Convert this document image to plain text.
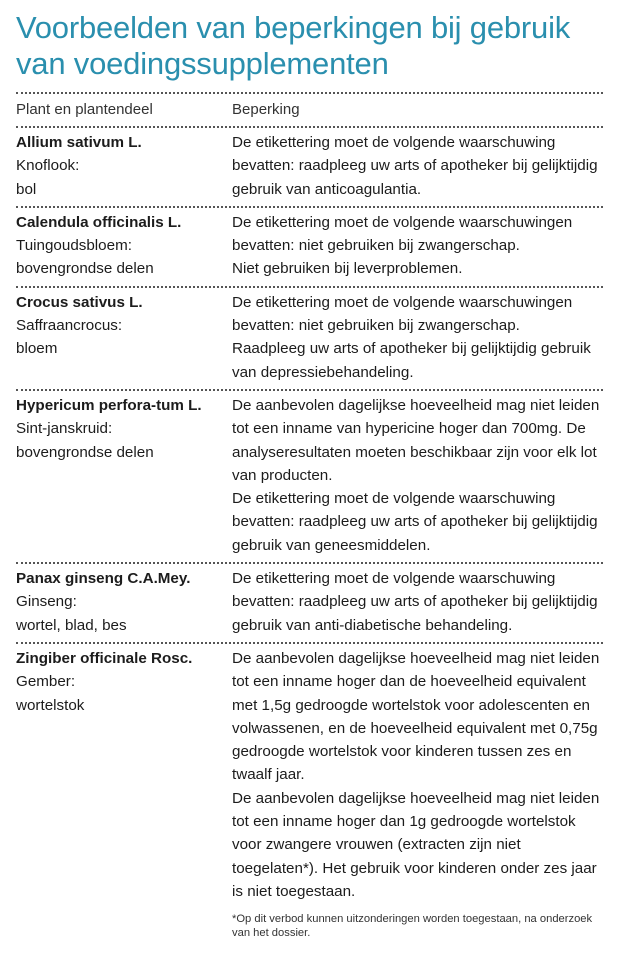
Voorbeelden van beperkingen bij gebruik van voedingssupplementen
Plant en plantendeel	Beperking
Allium sativum L.
Knoflook:
bol

De etikettering moet de volgende waarschuwing bevatten: raadpleeg uw arts of apotheker bij gelijktijdig gebruik van anticoagulantia.

Calendula officinalis L.
Tuingoudsbloem:
bovengrondse delen

De etikettering moet de volgende waarschuwingen bevatten: niet gebruiken bij zwangerschap.

Niet gebruiken bij leverproblemen.

Crocus sativus L.
Saffraancrocus:
bloem

De etikettering moet de volgende waarschuwingen bevatten: niet gebruiken bij zwangerschap.

Raadpleeg uw arts of apotheker bij gelijktijdig gebruik van depressiebehandeling.

Hypericum perfora-tum L.
Sint-janskruid:
bovengrondse delen

De aanbevolen dagelijkse hoeveelheid mag niet leiden tot een inname van hypericine hoger dan 700mg. De analyseresultaten moeten beschikbaar zijn voor elk lot van producten.

De etikettering moet de volgende waarschuwing bevatten: raadpleeg uw arts of apotheker bij gelijktijdig gebruik van geneesmiddelen.

Panax ginseng C.A.Mey.
Ginseng:
wortel, blad, bes

De etikettering moet de volgende waarschuwing bevatten: raadpleeg uw arts of apotheker bij gelijktijdig gebruik van anti-diabetische behandeling.

Zingiber officinale Rosc.
Gember:
wortelstok

De aanbevolen dagelijkse hoeveelheid mag niet leiden tot een inname hoger dan de hoeveelheid equivalent met 1,5g gedroogde wortelstok voor adolescenten en volwassenen, en de hoeveelheid equivalent met 0,75g gedroogde wortelstok voor kinderen tussen zes en twaalf jaar.

De aanbevolen dagelijkse hoeveelheid mag niet leiden tot een inname hoger dan 1g gedroogde wortelstok voor zwangere vrouwen (extracten zijn niet toegelaten*). Het gebruik voor kinderen onder zes jaar is niet toegestaan.

*Op dit verbod kunnen uitzonderingen worden toegestaan, na onderzoek van het dossier.
